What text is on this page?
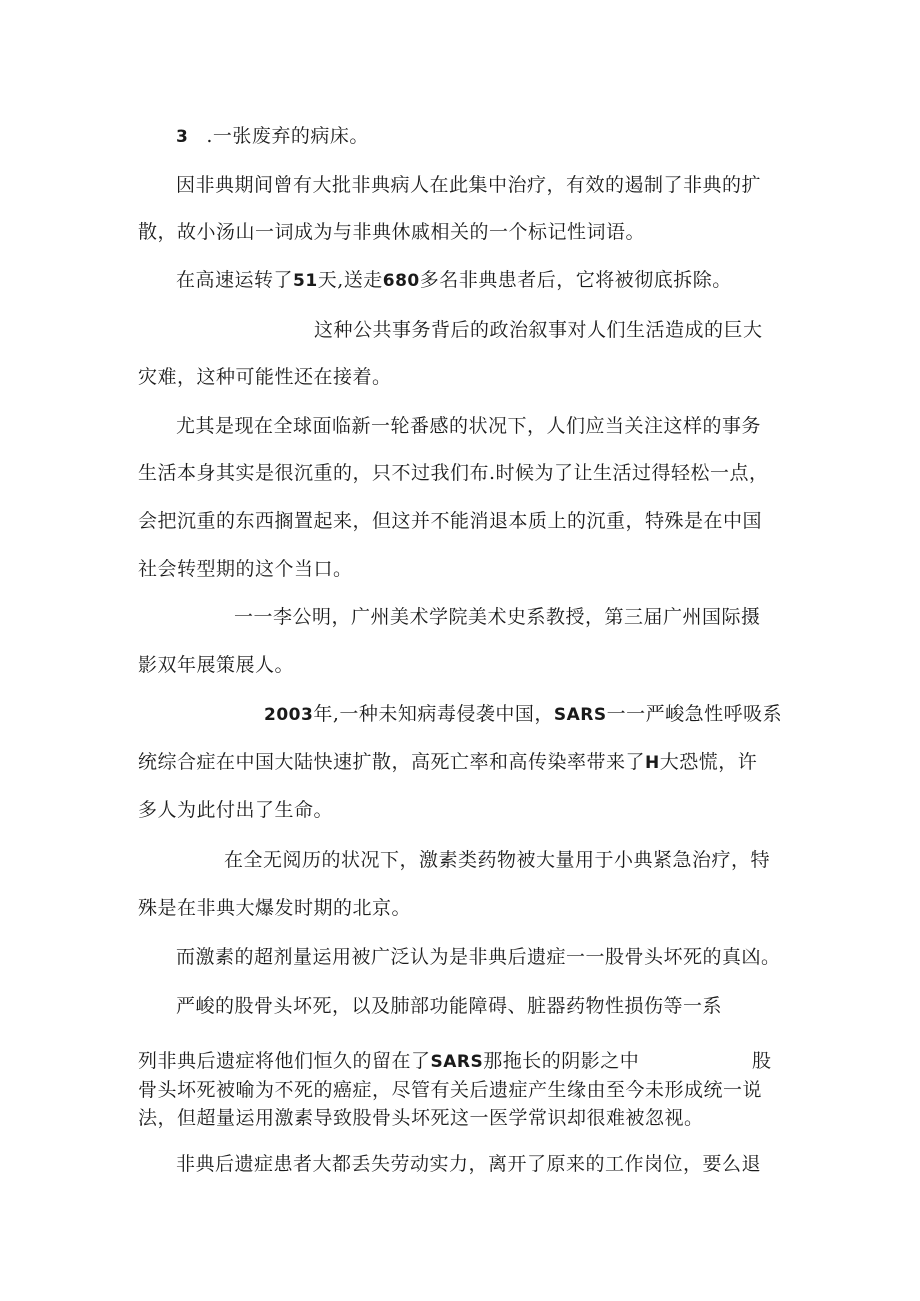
3 .一张废弃的病床。
因非典期间曾有大批非典病人在此集中治疗，有效的遏制了非典的扩
散，故小汤山一词成为与非典休戚相关的一个标记性词语。
在高速运转了51天,送走680多名非典患者后，它将被彻底拆除。
这种公共事务背后的政治叙事对人们生活造成的巨大
灾难，这种可能性还在接着。
尤其是现在全球面临新一轮番感的状况下，人们应当关注这样的事务
生活本身其实是很沉重的，只不过我们布.时候为了让生活过得轻松一点，
会把沉重的东西搁置起来，但这并不能消退本质上的沉重，特殊是在中国
社会转型期的这个当口。
一一李公明，广州美术学院美术史系教授，第三届广州国际摄
影双年展策展人。
2003年,一种未知病毒侵袭中国，SARS一一严峻急性呼吸系
统综合症在中国大陆快速扩散，高死亡率和高传染率带来了H大恐慌，许
多人为此付出了生命。
在全无阅历的状况下，激素类药物被大量用于小典紧急治疗，特
殊是在非典大爆发时期的北京。
而激素的超剂量运用被广泛认为是非典后遗症一一股骨头坏死的真凶。
严峻的股骨头坏死，以及肺部功能障碍、脏器药物性损伤等一系
列非典后遗症将他们恒久的留在了SARS那拖长的阴影之中	股
骨头坏死被喻为不死的癌症，尽管有关后遗症产生缘由至今未形成统一说
法，但超量运用激素导致股骨头坏死这一医学常识却很难被忽视。
非典后遗症患者大都丢失劳动实力，离开了原来的工作岗位，要么退
